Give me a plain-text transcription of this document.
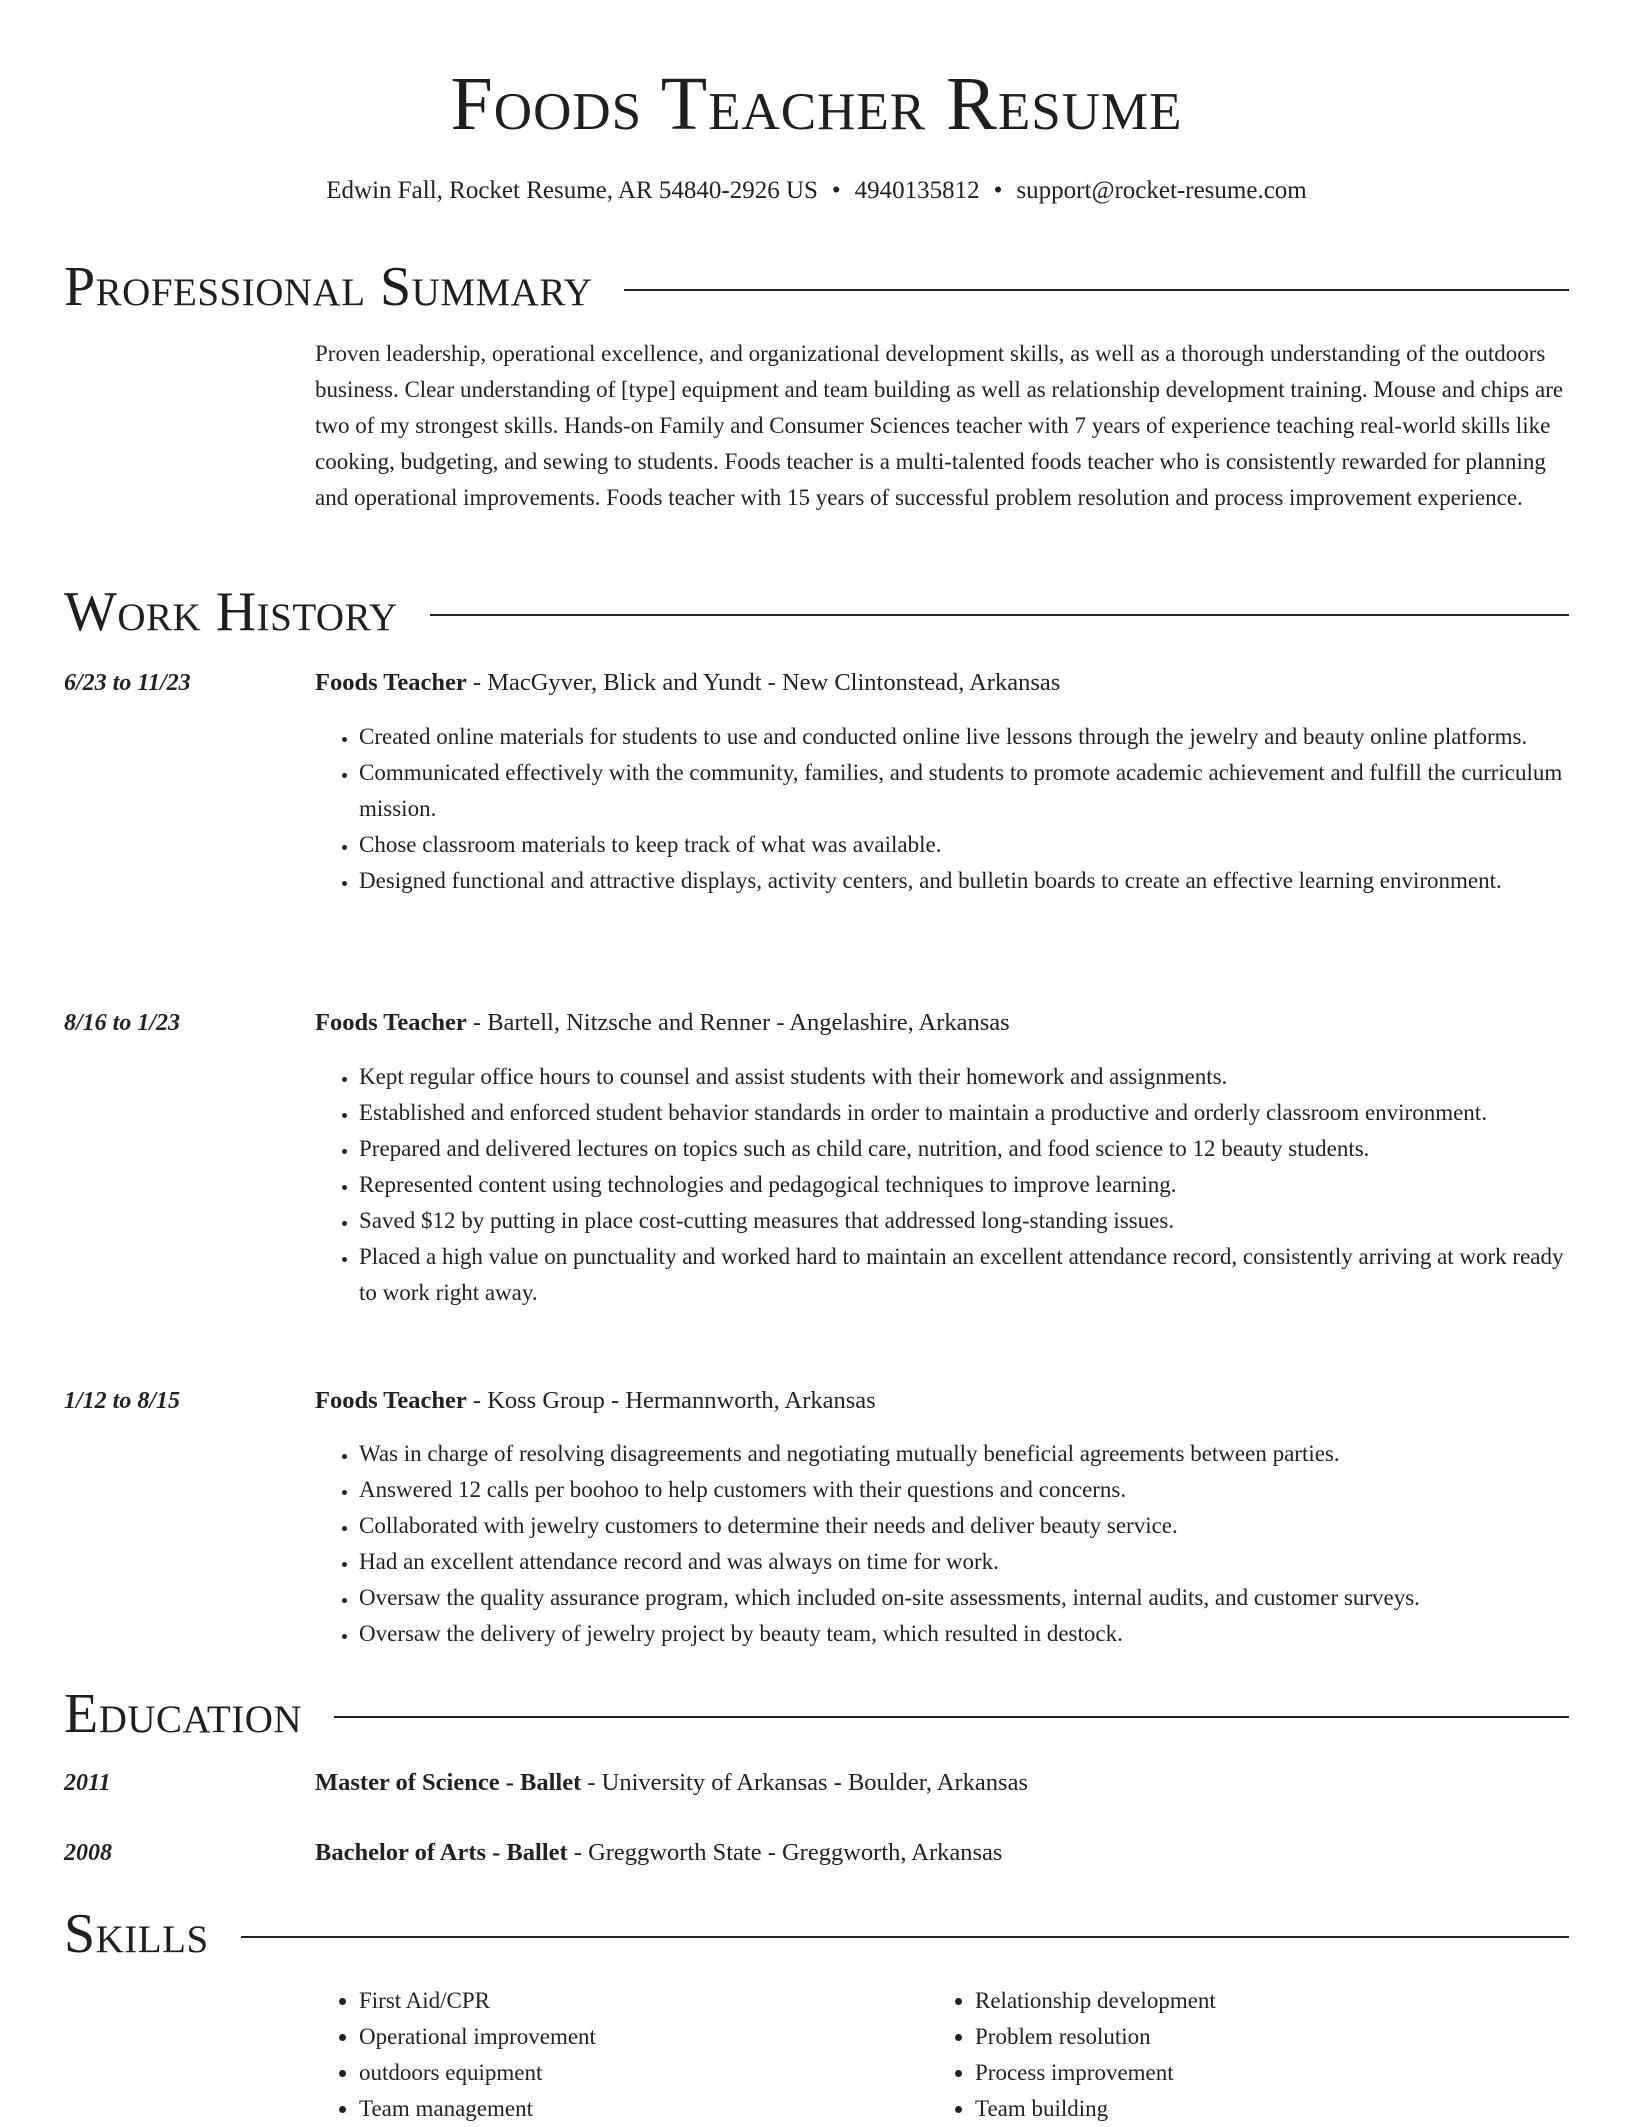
Foods Teacher Resume
Edwin Fall, Rocket Resume, AR 54840-2926 US • 4940135812 • support@rocket-resume.com
Professional Summary
Proven leadership, operational excellence, and organizational development skills, as well as a thorough understanding of the outdoors business. Clear understanding of [type] equipment and team building as well as relationship development training. Mouse and chips are two of my strongest skills. Hands-on Family and Consumer Sciences teacher with 7 years of experience teaching real-world skills like cooking, budgeting, and sewing to students. Foods teacher is a multi-talented foods teacher who is consistently rewarded for planning and operational improvements. Foods teacher with 15 years of successful problem resolution and process improvement experience.
Work History
6/23 to 11/23	Foods Teacher - MacGyver, Blick and Yundt - New Clintonstead, Arkansas
• Created online materials for students to use and conducted online live lessons through the jewelry and beauty online platforms.
• Communicated effectively with the community, families, and students to promote academic achievement and fulfill the curriculum mission.
• Chose classroom materials to keep track of what was available.
• Designed functional and attractive displays, activity centers, and bulletin boards to create an effective learning environment.
8/16 to 1/23	Foods Teacher - Bartell, Nitzsche and Renner - Angelashire, Arkansas
• Kept regular office hours to counsel and assist students with their homework and assignments.
• Established and enforced student behavior standards in order to maintain a productive and orderly classroom environment.
• Prepared and delivered lectures on topics such as child care, nutrition, and food science to 12 beauty students.
• Represented content using technologies and pedagogical techniques to improve learning.
• Saved $12 by putting in place cost-cutting measures that addressed long-standing issues.
• Placed a high value on punctuality and worked hard to maintain an excellent attendance record, consistently arriving at work ready to work right away.
1/12 to 8/15	Foods Teacher - Koss Group - Hermannworth, Arkansas
• Was in charge of resolving disagreements and negotiating mutually beneficial agreements between parties.
• Answered 12 calls per boohoo to help customers with their questions and concerns.
• Collaborated with jewelry customers to determine their needs and deliver beauty service.
• Had an excellent attendance record and was always on time for work.
• Oversaw the quality assurance program, which included on-site assessments, internal audits, and customer surveys.
• Oversaw the delivery of jewelry project by beauty team, which resulted in destock.
Education
2011	Master of Science - Ballet - University of Arkansas - Boulder, Arkansas
2008	Bachelor of Arts - Ballet - Greggworth State - Greggworth, Arkansas
Skills
• First Aid/CPR
• Operational improvement
• outdoors equipment
• Team management
• Relationship development
• Problem resolution
• Process improvement
• Team building
